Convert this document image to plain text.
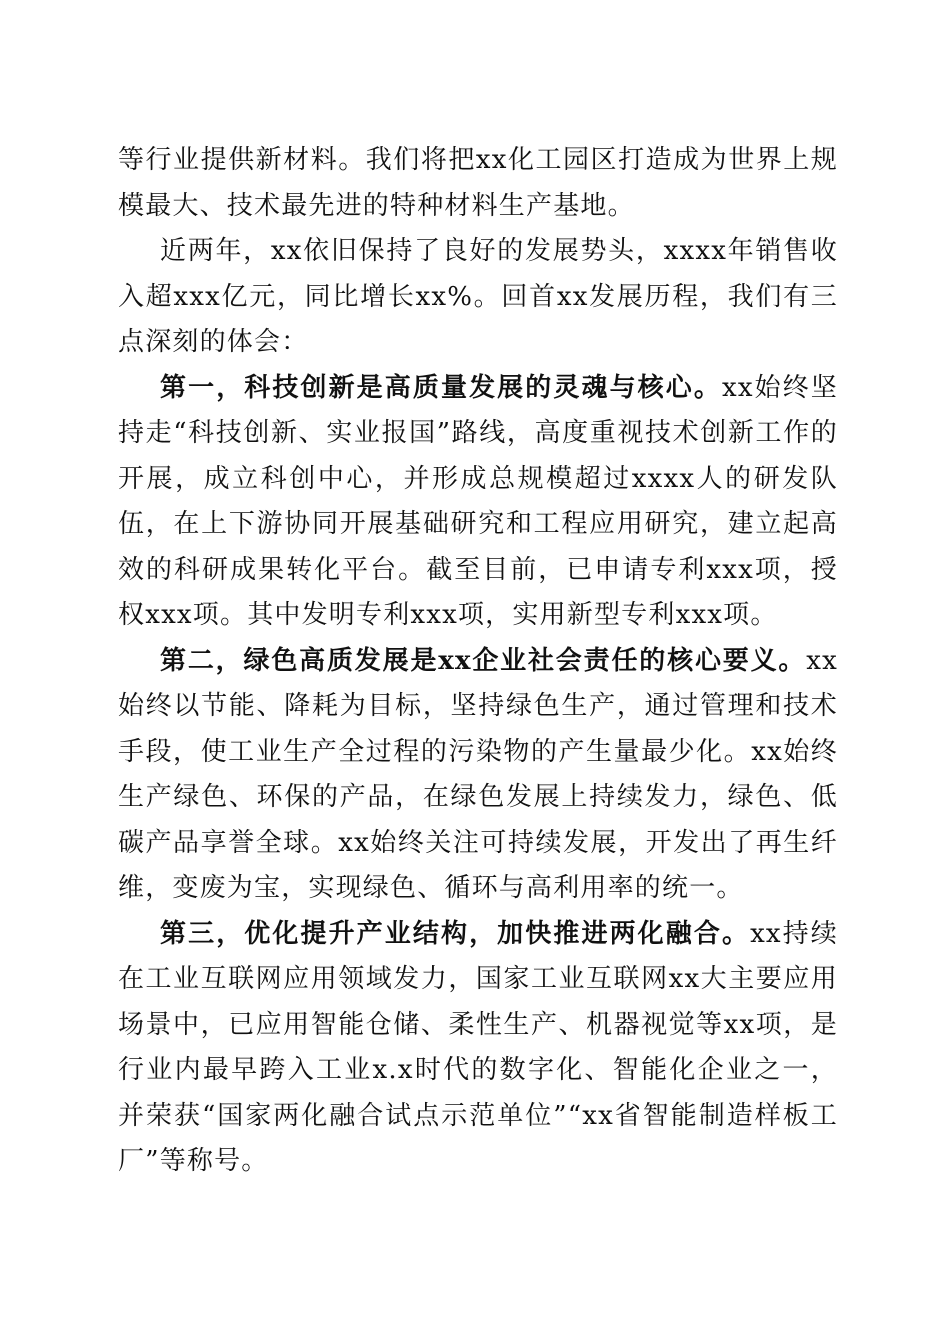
等行业提供新材料。我们将把xx化工园区打造成为世界上规模最大、技术最先进的特种材料生产基地。

近两年，xx依旧保持了良好的发展势头，xxxx年销售收入超xxx亿元，同比增长xx%。回首xx发展历程，我们有三点深刻的体会：

第一，科技创新是高质量发展的灵魂与核心。xx始终坚持走“科技创新、实业报国”路线，高度重视技术创新工作的开展，成立科创中心，并形成总规模超过xxxx人的研发队伍，在上下游协同开展基础研究和工程应用研究，建立起高效的科研成果转化平台。截至目前，已申请专利xxx项，授权xxx项。其中发明专利xxx项，实用新型专利xxx项。

第二，绿色高质发展是xx企业社会责任的核心要义。xx始终以节能、降耗为目标，坚持绿色生产，通过管理和技术手段，使工业生产全过程的污染物的产生量最少化。xx始终生产绿色、环保的产品，在绿色发展上持续发力，绿色、低碳产品享誉全球。xx始终关注可持续发展，开发出了再生纤维，变废为宝，实现绿色、循环与高利用率的统一。

第三，优化提升产业结构，加快推进两化融合。xx持续在工业互联网应用领域发力，国家工业互联网xx大主要应用场景中，已应用智能仓储、柔性生产、机器视觉等xx项，是行业内最早跨入工业x.x时代的数字化、智能化企业之一，并荣获“国家两化融合试点示范单位”“xx省智能制造样板工厂”等称号。
